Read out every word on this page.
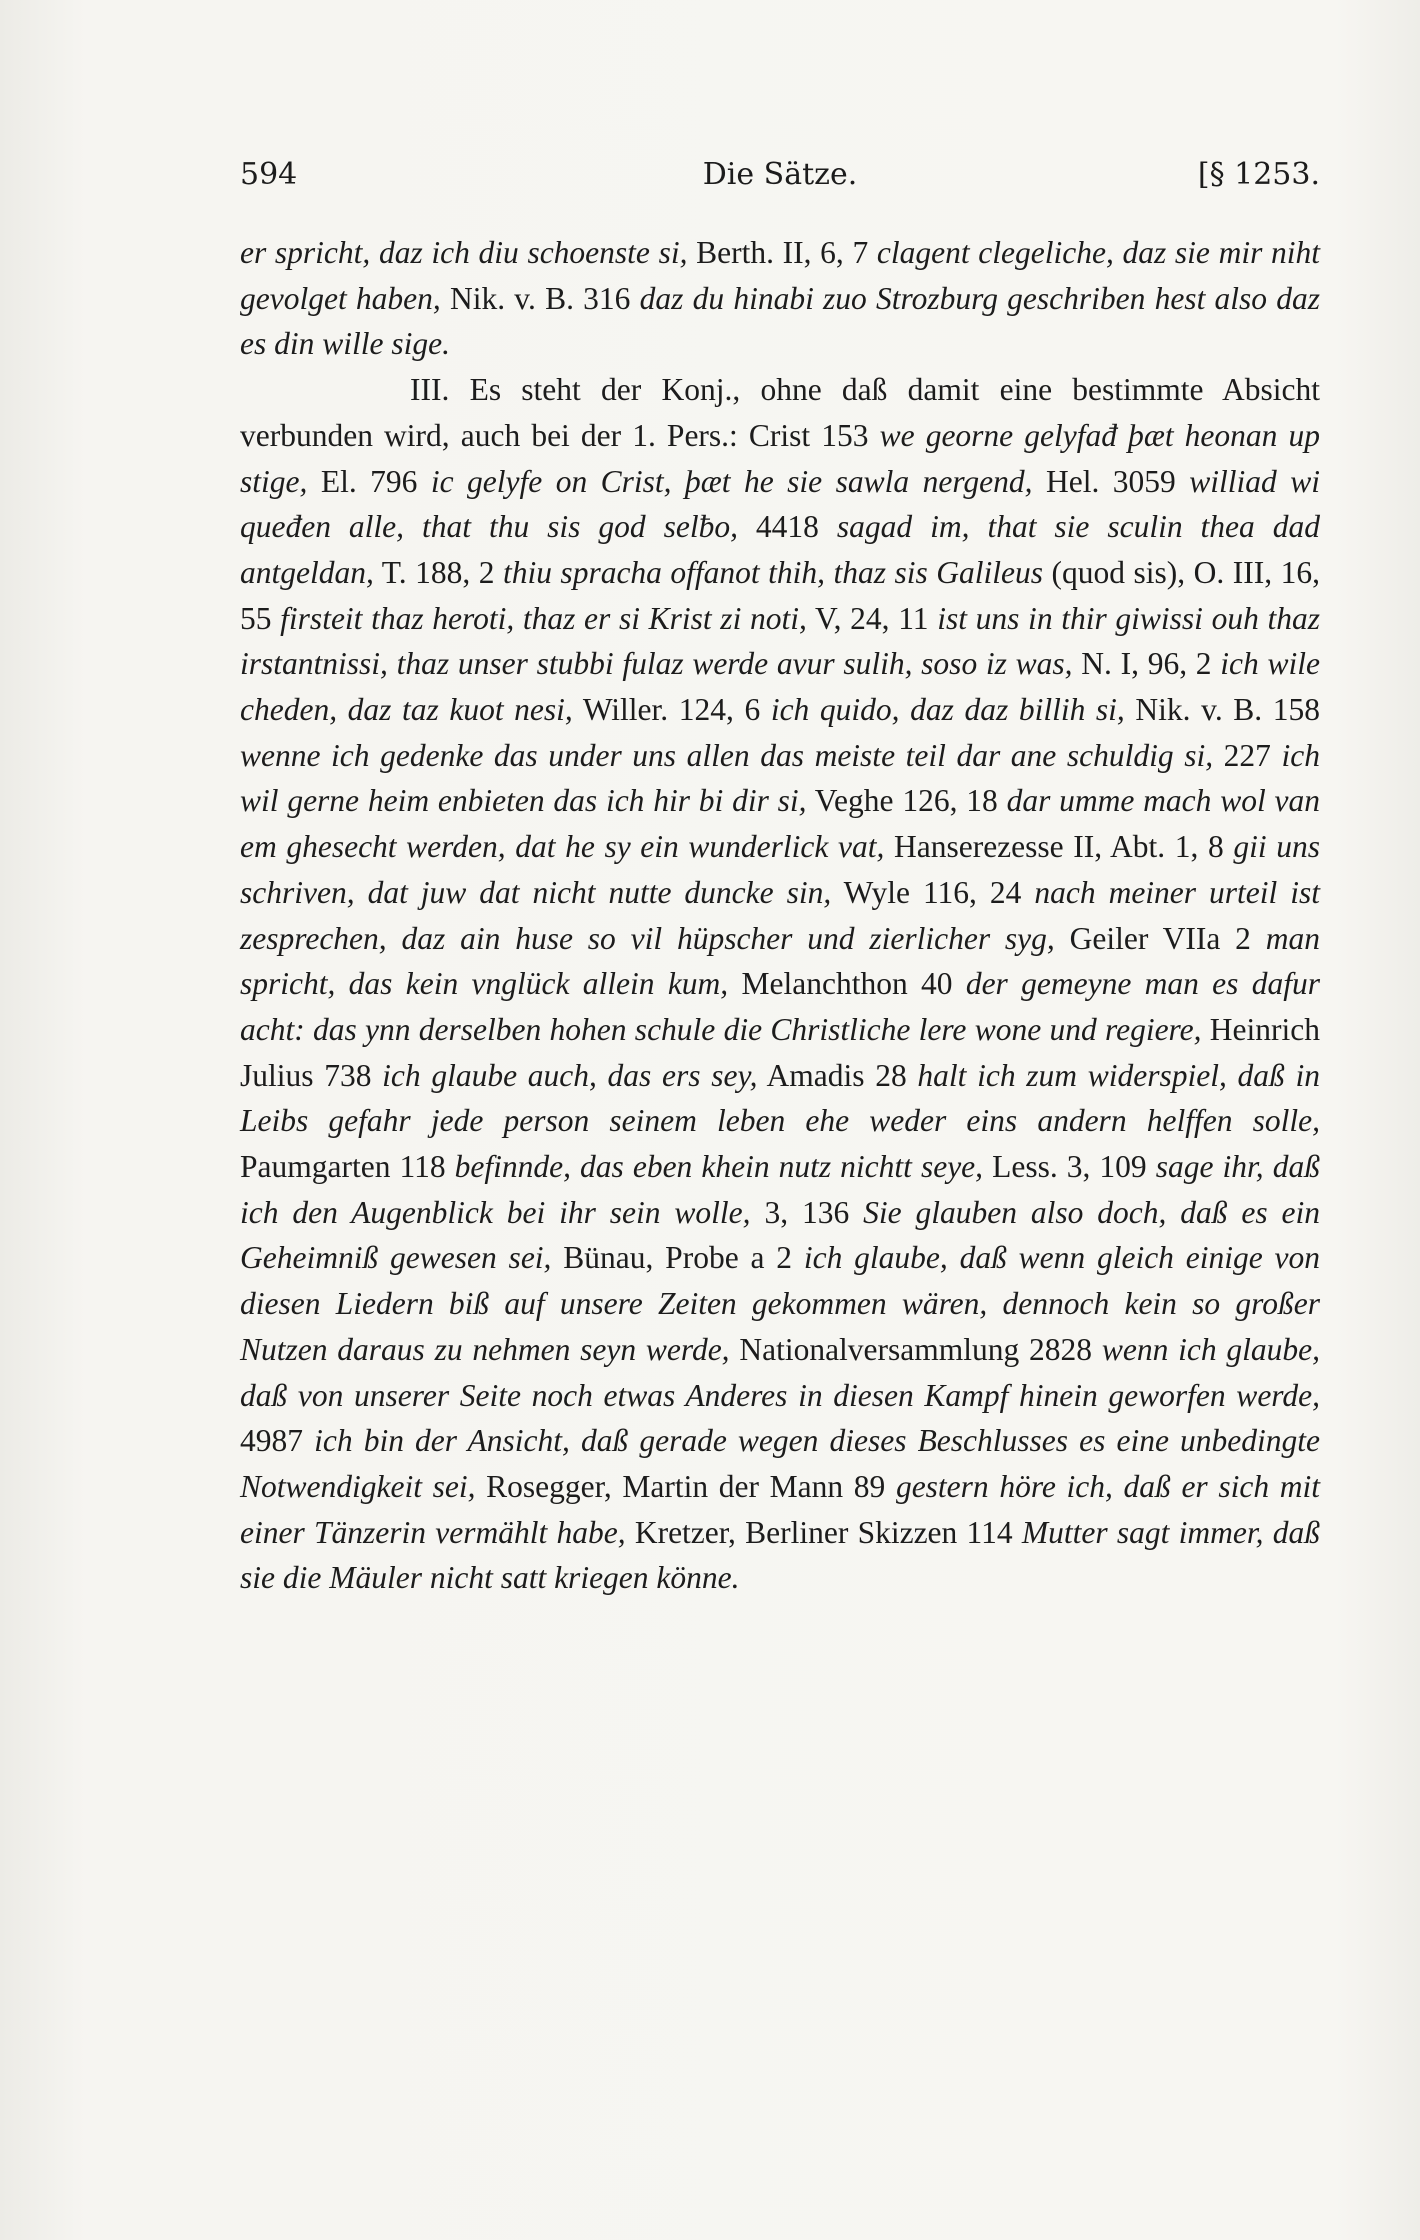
594	Die Sätze.	[§ 1253.

er spricht, daz ich diu schoenste si, Berth. II, 6, 7 clagent clegeliche, daz sie mir niht gevolget haben, Nik. v. B. 316 daz du hinabi zuo Strozburg geschriben hest also daz es din wille sige.

III. Es steht der Konj., ohne daß damit eine bestimmte Absicht verbunden wird, auch bei der 1. Pers.: Crist 153 we georne gelyfađ þæt heonan up stige, El. 796 ic gelyfe on Crist, þæt he sie sawla nergend, Hel. 3059 williad wi queđen alle, that thu sis god selƀo, 4418 sagad im, that sie sculin thea dad antgeldan, T. 188, 2 thiu spracha offanot thih, thaz sis Galileus (quod sis), O. III, 16, 55 firsteit thaz heroti, thaz er si Krist zi noti, V, 24, 11 ist uns in thir giwissi ouh thaz irstantnissi, thaz unser stubbi fulaz werde avur sulih, soso iz was, N. I, 96, 2 ich wile cheden, daz taz kuot nesi, Willer. 124, 6 ich quido, daz daz billih si, Nik. v. B. 158 wenne ich gedenke das under uns allen das meiste teil dar ane schuldig si, 227 ich wil gerne heim enbieten das ich hir bi dir si, Veghe 126, 18 dar umme mach wol van em ghesecht werden, dat he sy ein wunderlick vat, Hanserezesse II, Abt. 1, 8 gii uns schriven, dat juw dat nicht nutte duncke sin, Wyle 116, 24 nach meiner urteil ist zesprechen, daz ain huse so vil hüpscher und zierlicher syg, Geiler VIIa 2 man spricht, das kein vnglück allein kum, Melanchthon 40 der gemeyne man es dafur acht: das ynn derselben hohen schule die Christliche lere wone und regiere, Heinrich Julius 738 ich glaube auch, das ers sey, Amadis 28 halt ich zum widerspiel, daß in Leibs gefahr jede person seinem leben ehe weder eins andern helffen solle, Paumgarten 118 befinnde, das eben khein nutz nichtt seye, Less. 3, 109 sage ihr, daß ich den Augenblick bei ihr sein wolle, 3, 136 Sie glauben also doch, daß es ein Geheimniß gewesen sei, Bünau, Probe a 2 ich glaube, daß wenn gleich einige von diesen Liedern biß auf unsere Zeiten gekommen wären, dennoch kein so großer Nutzen daraus zu nehmen seyn werde, Nationalversammlung 2828 wenn ich glaube, daß von unserer Seite noch etwas Anderes in diesen Kampf hinein geworfen werde, 4987 ich bin der Ansicht, daß gerade wegen dieses Beschlusses es eine unbedingte Notwendigkeit sei, Rosegger, Martin der Mann 89 gestern höre ich, daß er sich mit einer Tänzerin vermählt habe, Kretzer, Berliner Skizzen 114 Mutter sagt immer, daß sie die Mäuler nicht satt kriegen könne.
